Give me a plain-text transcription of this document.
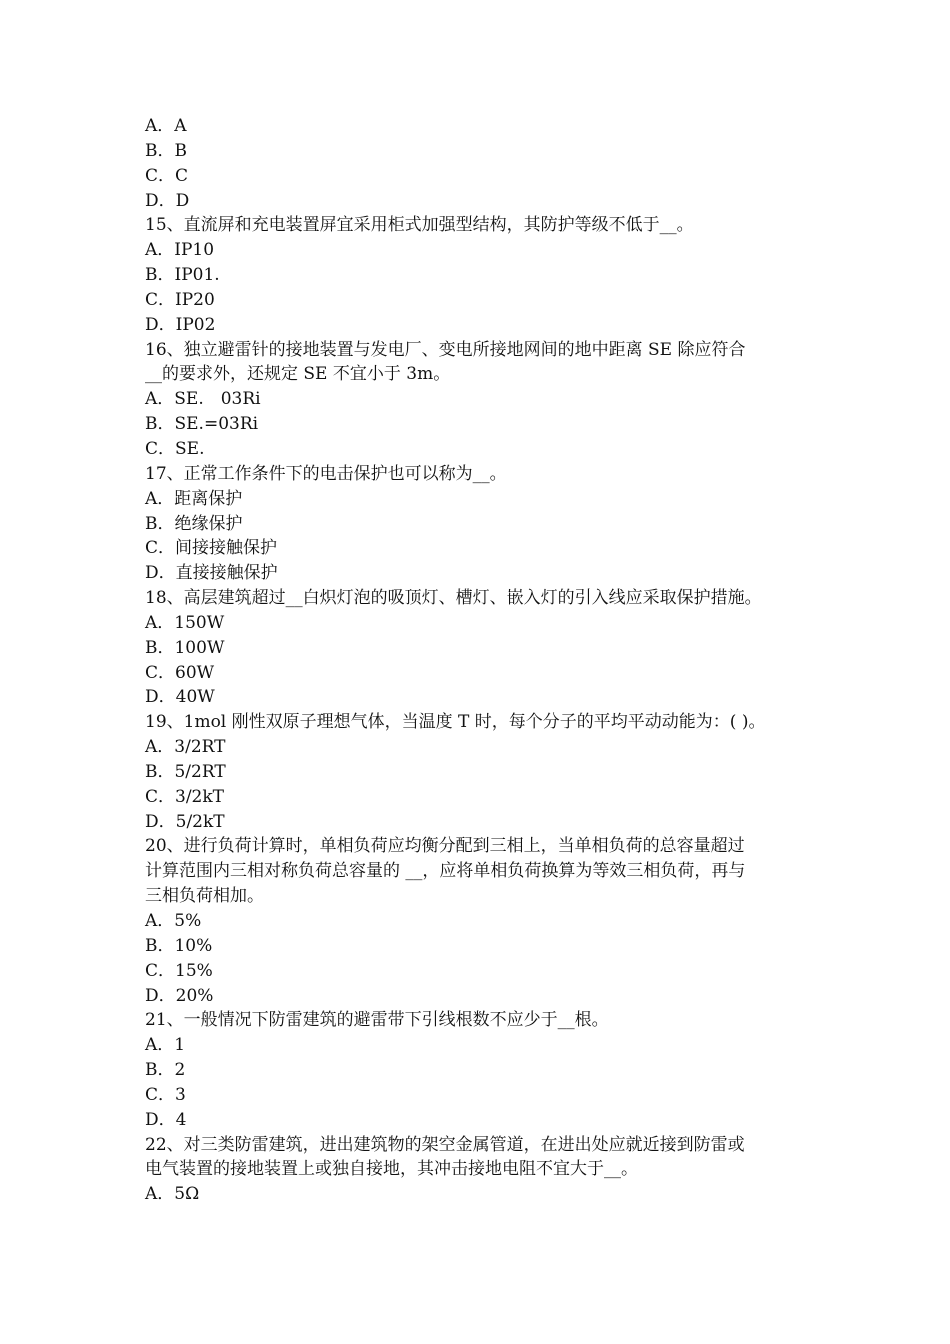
A．A

B．B

C．C

D．D

15、直流屏和充电装置屏宜采用柜式加强型结构，其防护等级不低于__。

A．IP10

B．IP01.

C．IP20

D．IP02

16、独立避雷针的接地装置与发电厂、变电所接地网间的地中距离 SE 除应符合

__的要求外，还规定 SE 不宜小于 3m。

A．SE.　03Ri

B．SE.=03Ri

C．SE.

17、正常工作条件下的电击保护也可以称为__。

A．距离保护

B．绝缘保护

C．间接接触保护

D．直接接触保护

18、高层建筑超过__白炽灯泡的吸顶灯、槽灯、嵌入灯的引入线应采取保护措施。

A．150W

B．100W

C．60W

D．40W

19、1mol 刚性双原子理想气体，当温度 T 时，每个分子的平均平动动能为：( )。

A．3/2RT

B．5/2RT

C．3/2kT

D．5/2kT

20、进行负荷计算时，单相负荷应均衡分配到三相上，当单相负荷的总容量超过

计算范围内三相对称负荷总容量的 __，应将单相负荷换算为等效三相负荷，再与

三相负荷相加。

A．5%

B．10%

C．15%

D．20%

21、一般情况下防雷建筑的避雷带下引线根数不应少于__根。

A．1

B．2

C．3

D．4

22、对三类防雷建筑，进出建筑物的架空金属管道，在进出处应就近接到防雷或

电气装置的接地装置上或独自接地，其冲击接地电阻不宜大于__。

A．5Ω
